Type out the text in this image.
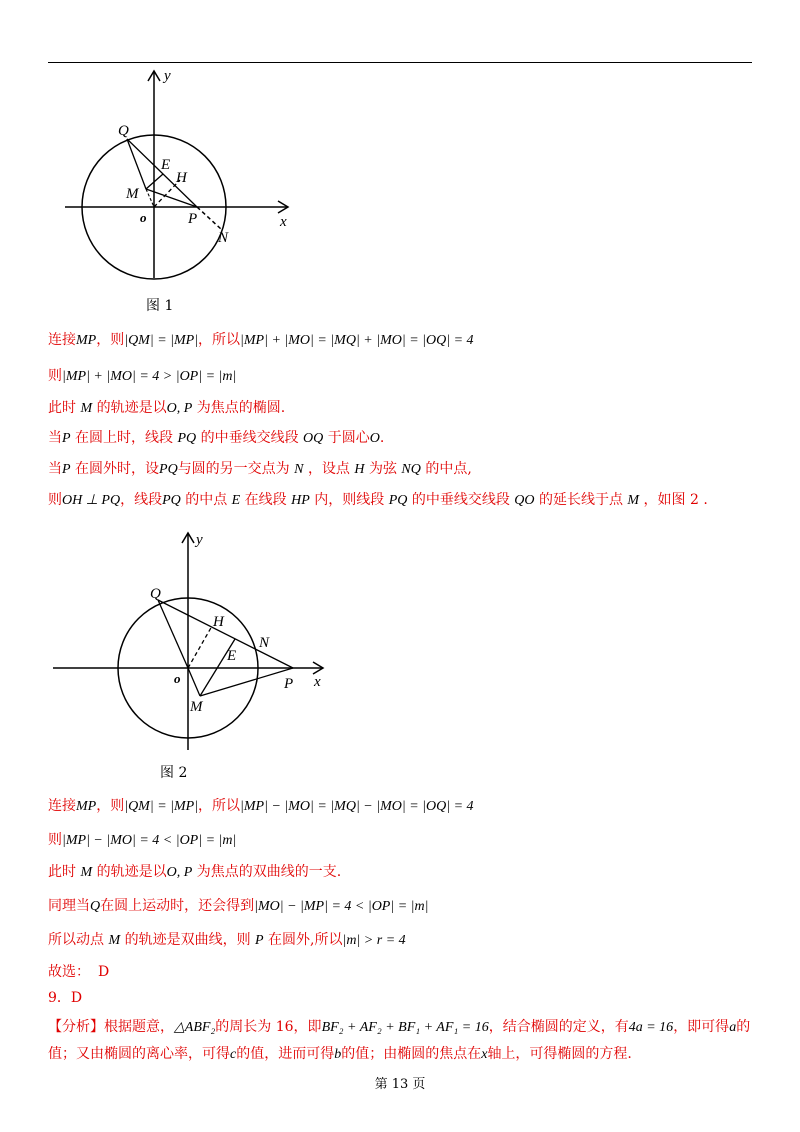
y
x
o
Q
E
H
M
P
N
图 1
连接MP，则|QM| = |MP|，所以|MP| + |MO| = |MQ| + |MO| = |OQ| = 4
则|MP| + |MO| = 4 > |OP| = |m|
此时 M 的轨迹是以O, P 为焦点的椭圆.
当P 在圆上时，线段 PQ 的中垂线交线段 OQ 于圆心O.
当P 在圆外时，设PQ与圆的另一交点为 N ，设点 H 为弦 NQ 的中点,
则OH ⊥ PQ，线段PQ 的中点 E 在线段 HP 内，则线段 PQ 的中垂线交线段 QO 的延长线于点 M ，如图 2 .
y
x
o
Q
H
N
E
M
P
图 2
连接MP，则|QM| = |MP|，所以|MP| − |MO| = |MQ| − |MO| = |OQ| = 4
则|MP| − |MO| = 4 < |OP| = |m|
此时 M 的轨迹是以O, P 为焦点的双曲线的一支.
同理当Q在圆上运动时，还会得到|MO| − |MP| = 4 < |OP| = |m|
所以动点 M 的轨迹是双曲线，则 P 在圆外,所以|m| > r = 4
故选： D
9．D
【分析】根据题意，△ABF₂的周长为 16，即BF₂ + AF₂ + BF₁ + AF₁ = 16，结合椭圆的定义，有4a = 16，即可得a的值；又由椭圆的离心率，可得c的值，进而可得b的值；由椭圆的焦点在x轴上，可得椭圆的方程.
第 13 页
